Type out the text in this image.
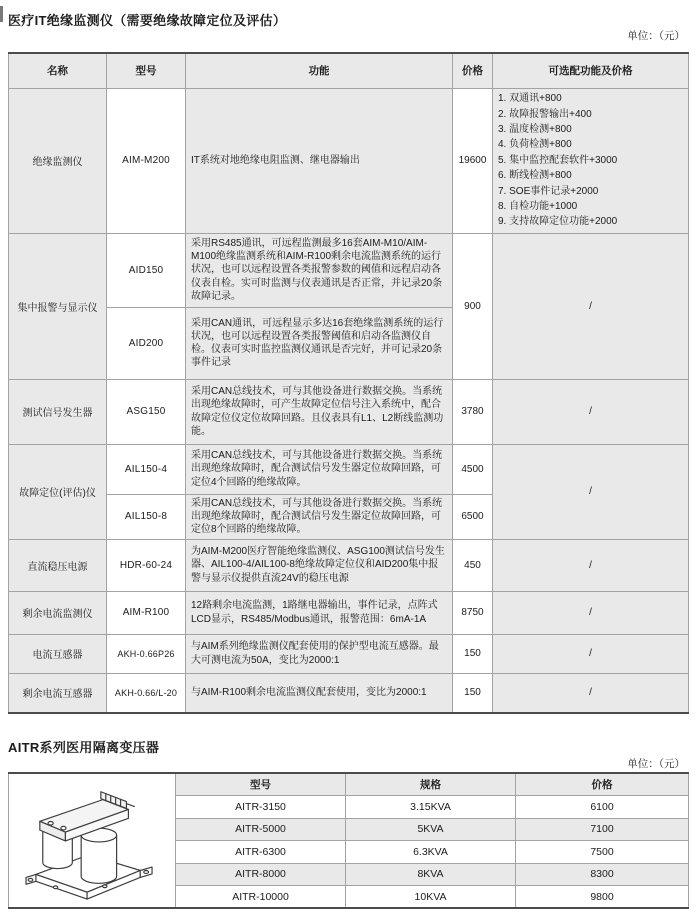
医疗IT绝缘监测仪（需要绝缘故障定位及评估）
单位：（元）
名称	型号	功能	价格	可选配功能及价格
绝缘监测仪	AIM-M200	IT系统对地绝缘电阻监测、继电器输出	19600	
1. 双通讯+800
2. 故障报警输出+400
3. 温度检测+800
4. 负荷检测+800
5. 集中监控配套软件+3000
6. 断线检测+800
7. SOE事件记录+2000
8. 自检功能+1000
9. 支持故障定位功能+2000

集中报警与显示仪	AID150	采用RS485通讯，可远程监测最多16套AIM-M10/AIM-M100绝缘监测系统和AIM-R100剩余电流监测系统的运行状况，也可以远程设置各类报警参数的阈值和远程启动各仪表自检。实可时监测与仪表通讯是否正常，并记录20条故障记录。	900	/
	AID200	采用CAN通讯，可远程显示多达16套绝缘监测系统的运行状况，也可以远程设置各类报警阈值和启动各监测仪自检。仪表可实时监控监测仪通讯是否完好，并可记录20条事件记录		
测试信号发生器	ASG150	采用CAN总线技术，可与其他设备进行数据交换。当系统出现绝缘故障时，可产生故障定位信号注入系统中，配合故障定位仪定位故障回路。且仪表具有L1、L2断线监测功能。	3780	/
故障定位(评估)仪	AIL150-4	采用CAN总线技术，可与其他设备进行数据交换。当系统出现绝缘故障时，配合测试信号发生器定位故障回路，可定位4个回路的绝缘故障。	4500	/
	AIL150-8	采用CAN总线技术，可与其他设备进行数据交换。当系统出现绝缘故障时，配合测试信号发生器定位故障回路，可定位8个回路的绝缘故障。	6500	
直流稳压电源	HDR-60-24	为AIM-M200医疗智能绝缘监测仪、ASG100测试信号发生器、AIL100-4/AIL100-8绝缘故障定位仪和AID200集中报警与显示仪提供直流24V的稳压电源	450	/
剩余电流监测仪	AIM-R100	12路剩余电流监测，1路继电器输出，事件记录，点阵式LCD显示，RS485/Modbus通讯，报警范围：6mA-1A	8750	/
电流互感器	AKH-0.66P26	与AIM系列绝缘监测仪配套使用的保护型电流互感器。最大可测电流为50A，变比为2000:1	150	/
剩余电流互感器	AKH-0.66/L-20	与AIM-R100剩余电流监测仪配套使用，变比为2000:1	150	/
AITR系列医用隔离变压器
单位：（元）
	型号	规格	价格
	AITR-3150	3.15KVA	6100
	AITR-5000	5KVA	7100
	AITR-6300	6.3KVA	7500
	AITR-8000	8KVA	8300
	AITR-10000	10KVA	9800
